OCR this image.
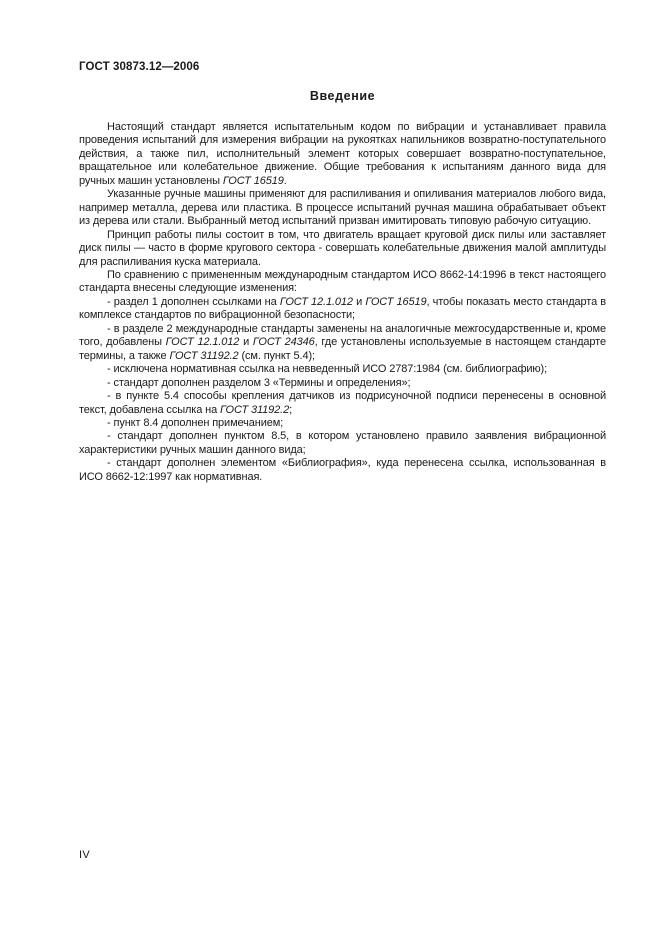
ГОСТ 30873.12—2006
Введение

Настоящий стандарт является испытательным кодом по вибрации и устанавливает правила проведения испытаний для измерения вибрации на рукоятках напильников возвратно-поступательного действия, а также пил, исполнительный элемент которых совершает возвратно-поступательное, вращательное или колебательное движение. Общие требования к испытаниям данного вида для ручных машин установлены ГОСТ 16519.

Указанные ручные машины применяют для распиливания и опиливания материалов любого вида, например металла, дерева или пластика. В процессе испытаний ручная машина обрабатывает объект из дерева или стали. Выбранный метод испытаний призван имитировать типовую рабочую ситуацию.

Принцип работы пилы состоит в том, что двигатель вращает круговой диск пилы или заставляет диск пилы — часто в форме кругового сектора - совершать колебательные движения малой амплитуды для распиливания куска материала.

По сравнению с примененным международным стандартом ИСО 8662-14:1996 в текст настоящего стандарта внесены следующие изменения:

- раздел 1 дополнен ссылками на ГОСТ 12.1.012 и ГОСТ 16519, чтобы показать место стандарта в комплексе стандартов по вибрационной безопасности;

- в разделе 2 международные стандарты заменены на аналогичные межгосударственные и, кроме того, добавлены ГОСТ 12.1.012 и ГОСТ 24346, где установлены используемые в настоящем стандарте термины, а также ГОСТ 31192.2 (см. пункт 5.4);

- исключена нормативная ссылка на невведенный ИСО 2787:1984 (см. библиографию);

- стандарт дополнен разделом 3 «Термины и определения»;

- в пункте 5.4 способы крепления датчиков из подрисуночной подписи перенесены в основной текст, добавлена ссылка на ГОСТ 31192.2;

- пункт 8.4 дополнен примечанием;

- стандарт дополнен пунктом 8.5, в котором установлено правило заявления вибрационной характеристики ручных машин данного вида;

- стандарт дополнен элементом «Библиография», куда перенесена ссылка, использованная в ИСО 8662-12:1997 как нормативная.

IV
